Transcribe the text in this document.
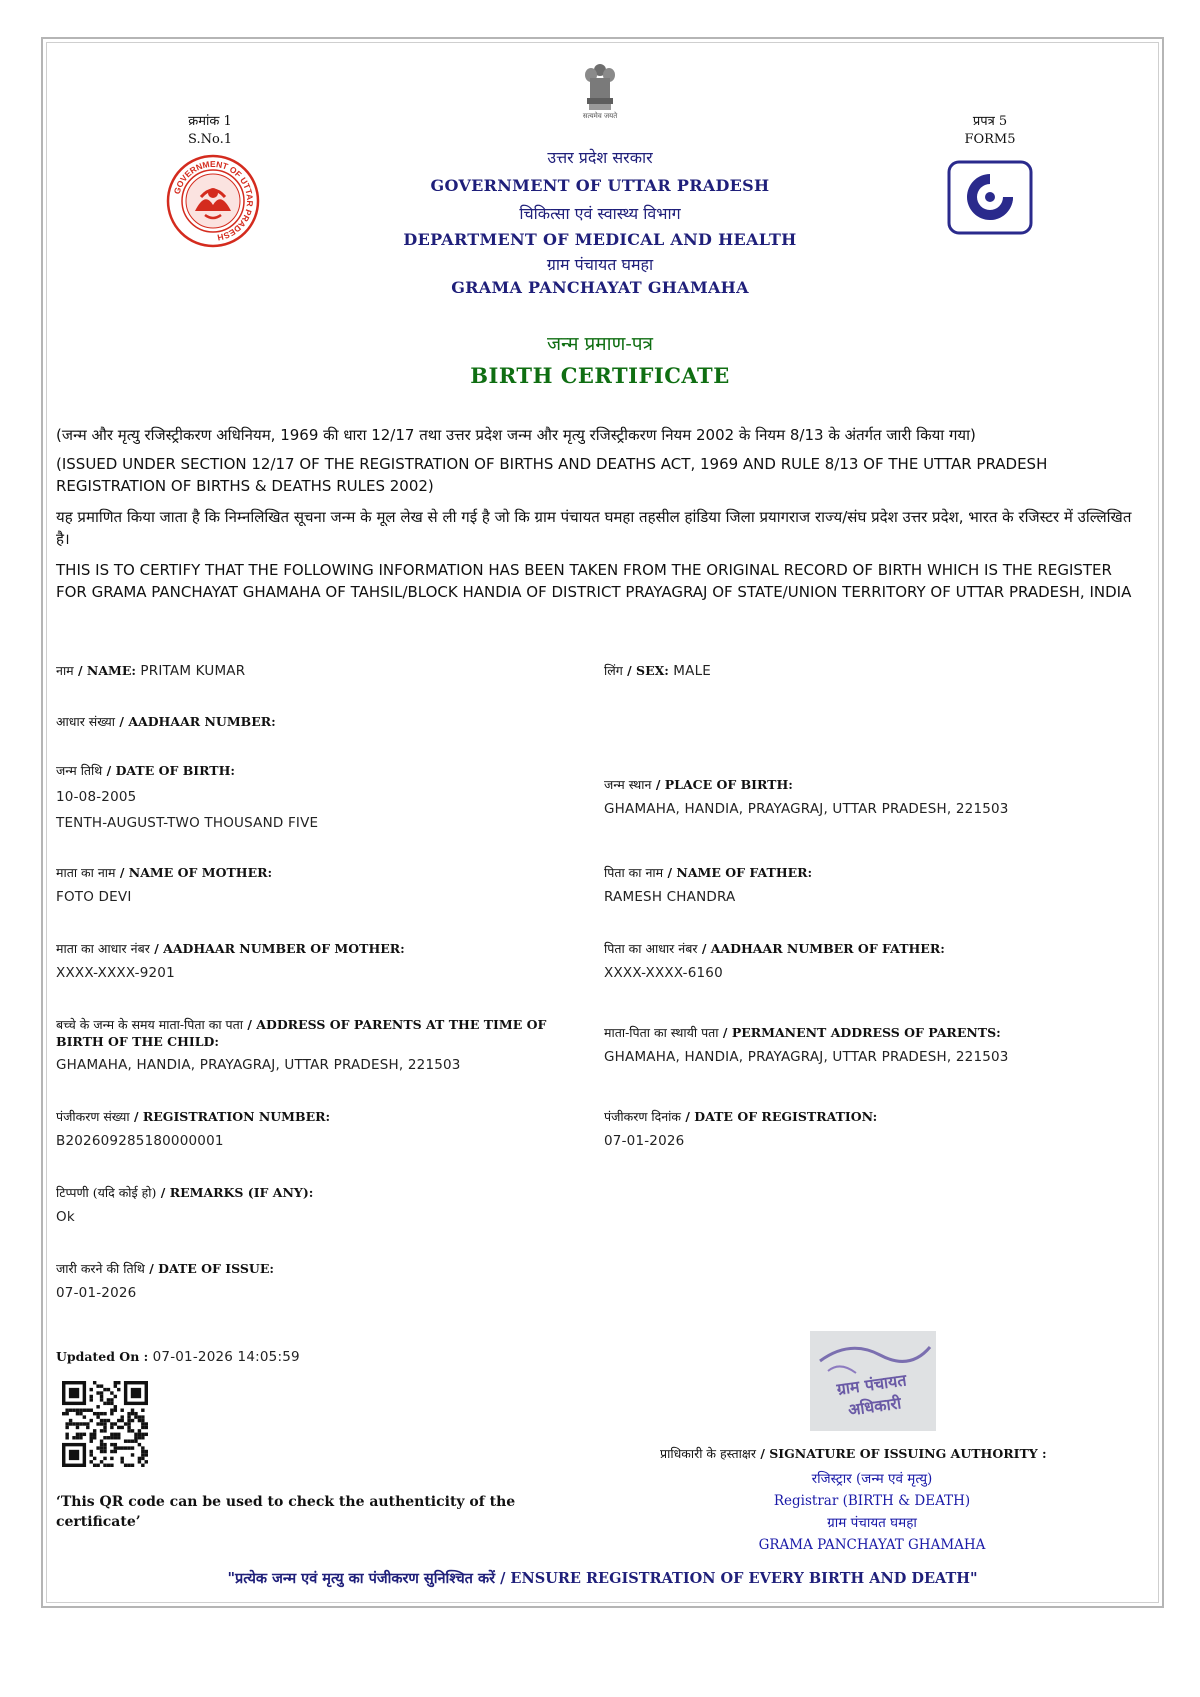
क्रमांक 1
S.No.1
प्रपत्र 5
FORM5
GOVERNMENT OF UTTAR PRADESH
सत्यमेव जयते
उत्तर प्रदेश सरकार
GOVERNMENT OF UTTAR PRADESH
चिकित्सा एवं स्वास्थ्य विभाग
DEPARTMENT OF MEDICAL AND HEALTH
ग्राम पंचायत घमहा
GRAMA PANCHAYAT GHAMAHA
जन्म प्रमाण-पत्र
BIRTH CERTIFICATE
(जन्म और मृत्यु रजिस्ट्रीकरण अधिनियम, 1969 की धारा 12/17 तथा उत्तर प्रदेश जन्म और मृत्यु रजिस्ट्रीकरण नियम 2002 के नियम 8/13 के अंतर्गत जारी किया गया)
(ISSUED UNDER SECTION 12/17 OF THE REGISTRATION OF BIRTHS AND DEATHS ACT, 1969 AND RULE 8/13 OF THE UTTAR PRADESH REGISTRATION OF BIRTHS & DEATHS RULES 2002)
यह प्रमाणित किया जाता है कि निम्नलिखित सूचना जन्म के मूल लेख से ली गई है जो कि ग्राम पंचायत घमहा तहसील हांडिया जिला प्रयागराज राज्य/संघ प्रदेश उत्तर प्रदेश, भारत के रजिस्टर में उल्लिखित है।
THIS IS TO CERTIFY THAT THE FOLLOWING INFORMATION HAS BEEN TAKEN FROM THE ORIGINAL RECORD OF BIRTH WHICH IS THE REGISTER FOR GRAMA PANCHAYAT GHAMAHA OF TAHSIL/BLOCK HANDIA OF DISTRICT PRAYAGRAJ OF STATE/UNION TERRITORY OF UTTAR PRADESH, INDIA
नाम / NAME: PRITAM KUMAR	लिंग / SEX: MALE
आधार संख्या / AADHAAR NUMBER:
जन्म तिथि / DATE OF BIRTH:
10-08-2005
TENTH-AUGUST-TWO THOUSAND FIVE
जन्म स्थान / PLACE OF BIRTH:
GHAMAHA, HANDIA, PRAYAGRAJ, UTTAR PRADESH, 221503
माता का नाम / NAME OF MOTHER:
FOTO DEVI
पिता का नाम / NAME OF FATHER:
RAMESH CHANDRA
माता का आधार नंबर / AADHAAR NUMBER OF MOTHER:
XXXX-XXXX-9201
पिता का आधार नंबर / AADHAAR NUMBER OF FATHER:
XXXX-XXXX-6160
बच्चे के जन्म के समय माता-पिता का पता / ADDRESS OF PARENTS AT THE TIME OF BIRTH OF THE CHILD:
GHAMAHA, HANDIA, PRAYAGRAJ, UTTAR PRADESH, 221503
माता-पिता का स्थायी पता / PERMANENT ADDRESS OF PARENTS:
GHAMAHA, HANDIA, PRAYAGRAJ, UTTAR PRADESH, 221503
पंजीकरण संख्या / REGISTRATION NUMBER:
B202609285180000001
पंजीकरण दिनांक / DATE OF REGISTRATION:
07-01-2026
टिप्पणी (यदि कोई हो) / REMARKS (IF ANY):
Ok
जारी करने की तिथि / DATE OF ISSUE:
07-01-2026
Updated On : 07-01-2026 14:05:59
‘This QR code can be used to check the authenticity of the certificate’
ग्राम पंचायत अधिकारी
प्राधिकारी के हस्ताक्षर / SIGNATURE OF ISSUING AUTHORITY :
रजिस्ट्रार (जन्म एवं मृत्यु)
Registrar (BIRTH & DEATH)
ग्राम पंचायत घमहा
GRAMA PANCHAYAT GHAMAHA
"प्रत्येक जन्म एवं मृत्यु का पंजीकरण सुनिश्चित करें / ENSURE REGISTRATION OF EVERY BIRTH AND DEATH"
